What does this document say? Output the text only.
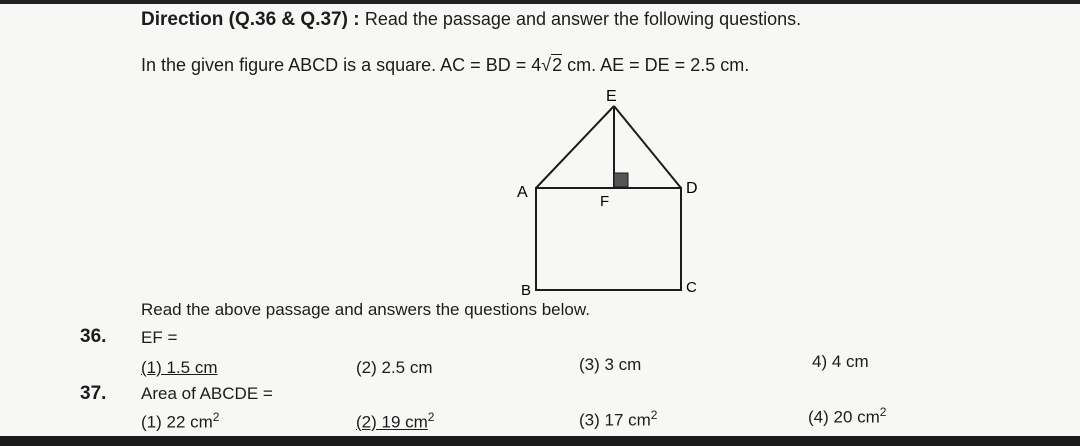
Direction (Q.36 & Q.37) : Read the passage and answer the following questions.
In the given figure ABCD is a square. AC = BD = 4√2 cm. AE = DE = 2.5 cm.
E
A	D
F
B	C
Read the above passage and answers the questions below.
36. EF =
(1) 1.5 cm	(2) 2.5 cm	(3) 3 cm	4) 4 cm
37. Area of ABCDE =
(1) 22 $cm^2$	(2) 19 $cm^2$	(3) 17 $cm^2$	(4) 20 $cm^2$
